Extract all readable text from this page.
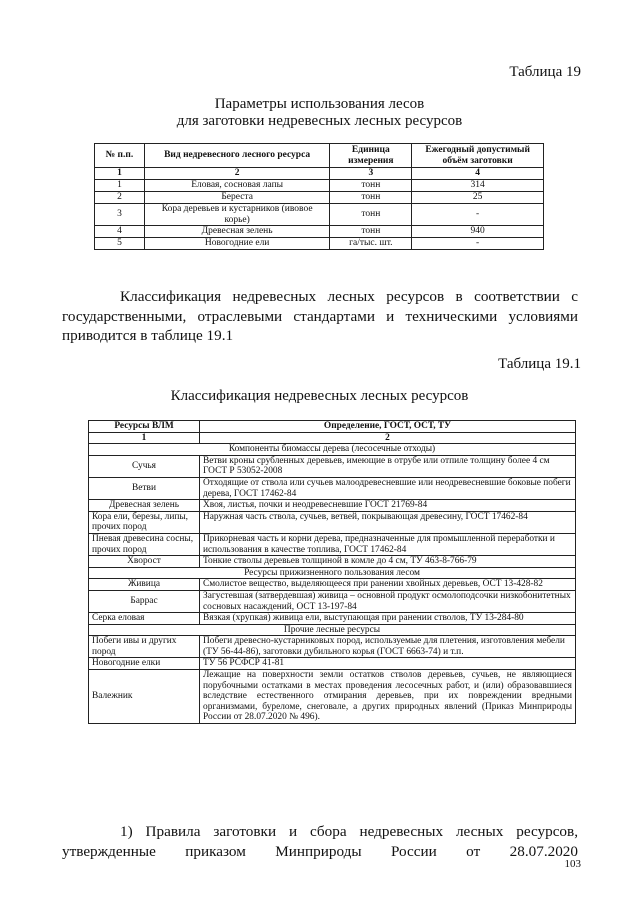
Таблица 19
Параметры использования лесов
для заготовки недревесных лесных ресурсов
№ п.п.	Вид недревесного лесного ресурса	Единица измерения	Ежегодный допустимый объём заготовки
1	2	3	4
1	Еловая, сосновая лапы	тонн	314
2	Береста	тонн	25
3	Кора деревьев и кустарников (ивовое корье)	тонн	-
4	Древесная зелень	тонн	940
5	Новогодние ели	га/тыс. шт.	-
Классификация недревесных лесных ресурсов в соответствии с государственными, отраслевыми стандартами и техническими условиями приводится в таблице 19.1
Таблица 19.1
Классификация недревесных лесных ресурсов
Ресурсы ВЛМ	Определение, ГОСТ, ОСТ, ТУ
1	2
Компоненты биомассы дерева (лесосечные отходы)	
Сучья	Ветви кроны срубленных деревьев, имеющие в отрубе или отпиле толщину более 4 см ГОСТ Р 53052-2008
Ветви	Отходящие от ствола или сучьев малоодревесневшие или неодревесневшие боковые побеги дерева, ГОСТ 17462-84
Древесная зелень	Хвоя, листья, почки и неодревесневшие ГОСТ 21769-84
Кора ели, березы, липы, прочих пород	Наружная часть ствола, сучьев, ветвей, покрывающая древесину, ГОСТ 17462-84
Пневая древесина сосны, прочих пород	Прикорневая часть и корни дерева, предназначенные для промышленной переработки и использования в качестве топлива, ГОСТ 17462-84
Хворост	Тонкие стволы деревьев толщиной в комле до 4 см, ТУ 463-8-766-79
Ресурсы прижизненного пользования лесом	
Живица	Смолистое вещество, выделяющееся при ранении хвойных деревьев, ОСТ 13-428-82
Баррас	Загустевшая (затвердевшая) живица – основной продукт осмолоподсочки низкобонитетных сосновых насаждений, ОСТ 13-197-84
Серка еловая	Вязкая (хрупкая) живица ели, выступающая при ранении стволов, ТУ 13-284-80
Прочие лесные ресурсы	
Побеги ивы и других пород	Побеги древесно-кустарниковых пород, используемые для плетения, изготовления мебели (ТУ 56-44-86), заготовки дубильного корья (ГОСТ 6663-74) и т.п.
Новогодние елки	ТУ 56 РСФСР 41-81
Валежник	Лежащие на поверхности земли остатков стволов деревьев, сучьев, не являющиеся порубочными остатками в местах проведения лесосечных работ, и (или) образовавшиеся вследствие естественного отмирания деревьев, при их повреждении вредными организмами, буреломе, снеговале, а других природных явлений (Приказ Минприроды России от 28.07.2020 № 496).
1) Правила заготовки и сбора недревесных лесных ресурсов,
утвержденные приказом Минприроды России от 28.07.2020
103
